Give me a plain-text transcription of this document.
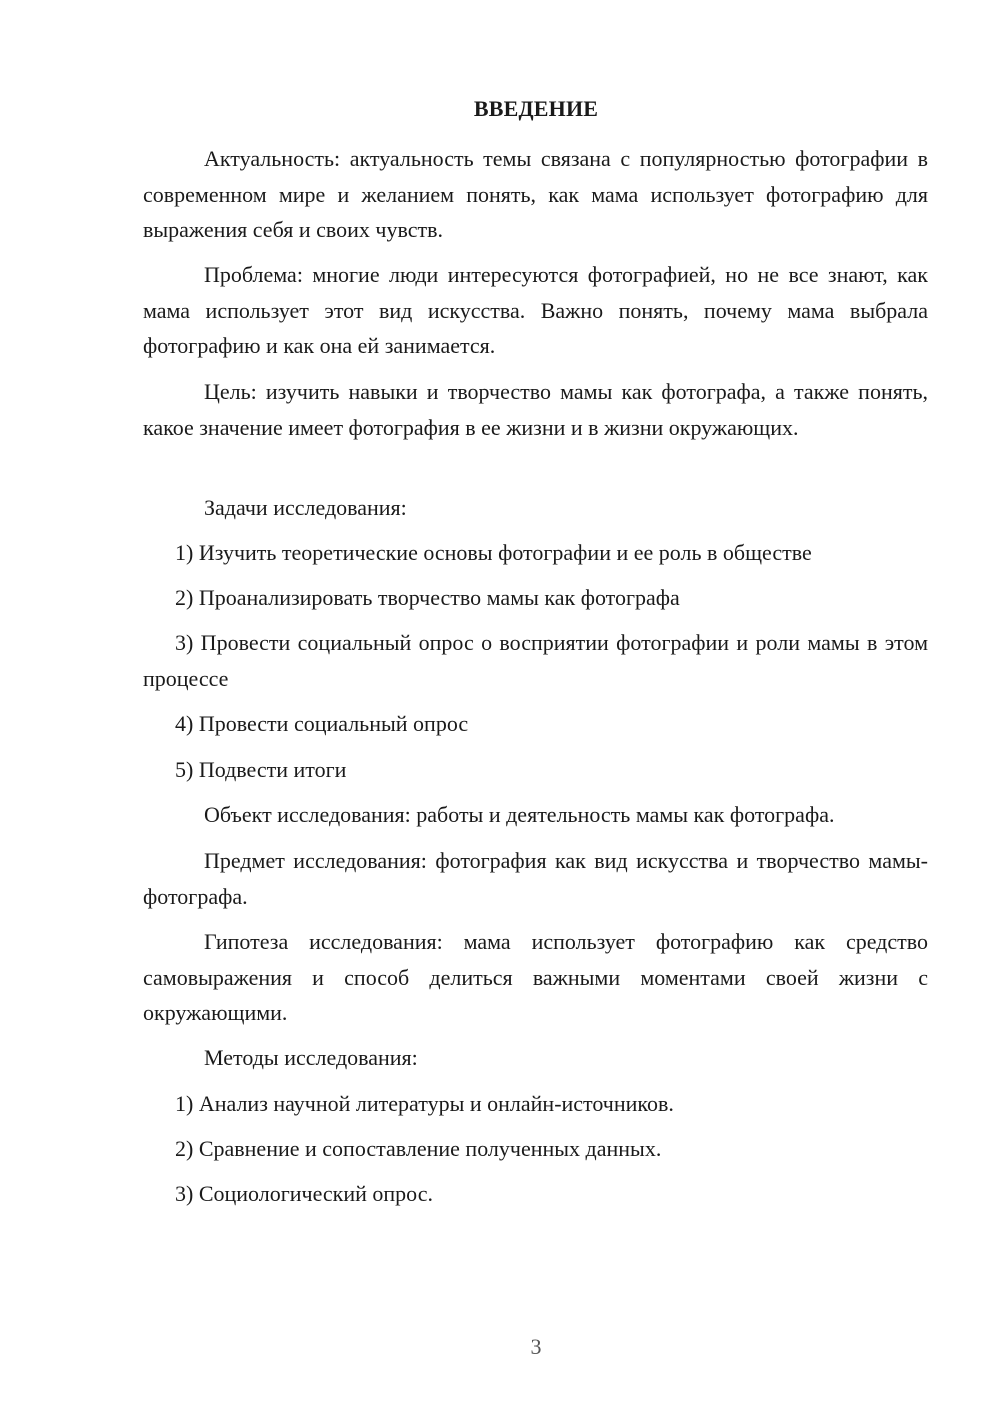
ВВЕДЕНИЕ

Актуальность: актуальность темы связана с популярностью фотографии в современном мире и желанием понять, как мама использует фотографию для выражения себя и своих чувств.

Проблема: многие люди интересуются фотографией, но не все знают, как мама использует этот вид искусства. Важно понять, почему мама выбрала фотографию и как она ей занимается.

Цель: изучить навыки и творчество мамы как фотографа, а также понять, какое значение имеет фотография в ее жизни и в жизни окружающих.

Задачи исследования:

1) Изучить теоретические основы фотографии и ее роль в обществе

2) Проанализировать творчество мамы как фотографа

3) Провести социальный опрос о восприятии фотографии и роли мамы в этом процессе

4) Провести социальный опрос

5) Подвести итоги

Объект исследования: работы и деятельность мамы как фотографа.

Предмет исследования: фотография как вид искусства и творчество мамы-фотографа.

Гипотеза исследования: мама использует фотографию как средство самовыражения и способ делиться важными моментами своей жизни с окружающими.

Методы исследования:

1) Анализ научной литературы и онлайн-источников.

2) Сравнение и сопоставление полученных данных.

3) Социологический опрос.

3
